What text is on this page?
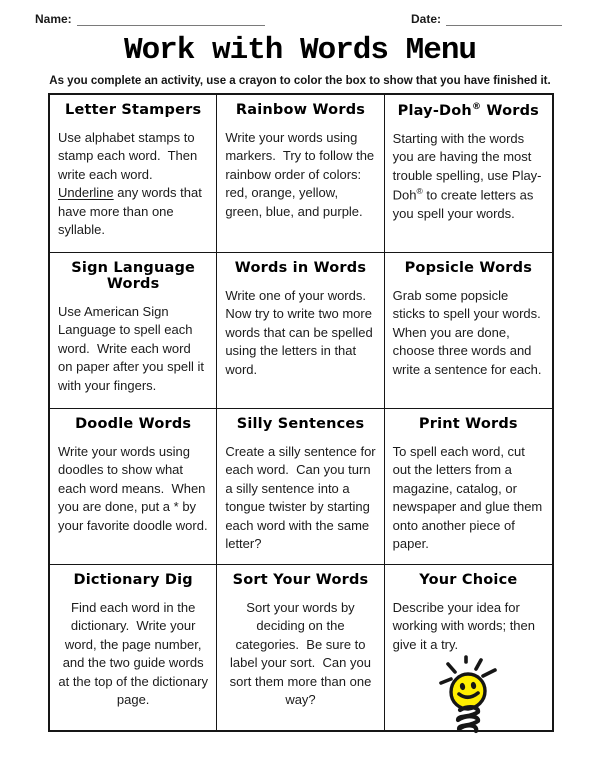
Name:	Date:
Work with Words Menu
As you complete an activity, use a crayon to color the box to show that you have finished it.
Letter Stampers
Use alphabet stamps to stamp each word.  Then write each word.  Underline any words that have more than one syllable.
Rainbow Words
Write your words using markers.  Try to follow the rainbow order of colors: red, orange, yellow, green, blue, and purple.
Play-Doh® Words
Starting with the words you are having the most trouble spelling, use Play-Doh® to create letters as you spell your words.
Sign Language Words
Use American Sign Language to spell each word.  Write each word on paper after you spell it with your fingers.
Words in Words
Write one of your words.  Now try to write two more words that can be spelled using the letters in that word.
Popsicle Words
Grab some popsicle sticks to spell your words.  When you are done, choose three words and write a sentence for each.
Doodle Words
Write your words using doodles to show what each word means.  When you are done, put a * by your favorite doodle word.
Silly Sentences
Create a silly sentence for each word.  Can you turn a silly sentence into a tongue twister by starting each word with the same letter?
Print Words
To spell each word, cut out the letters from a magazine, catalog, or newspaper and glue them onto another piece of paper.
Dictionary Dig
Find each word in the dictionary.  Write your word, the page number, and the two guide words at the top of the dictionary page.
Sort Your Words
Sort your words by deciding on the categories.  Be sure to label your sort.  Can you sort them more than one way?
Your Choice
Describe your idea for working with words; then give it a try.
